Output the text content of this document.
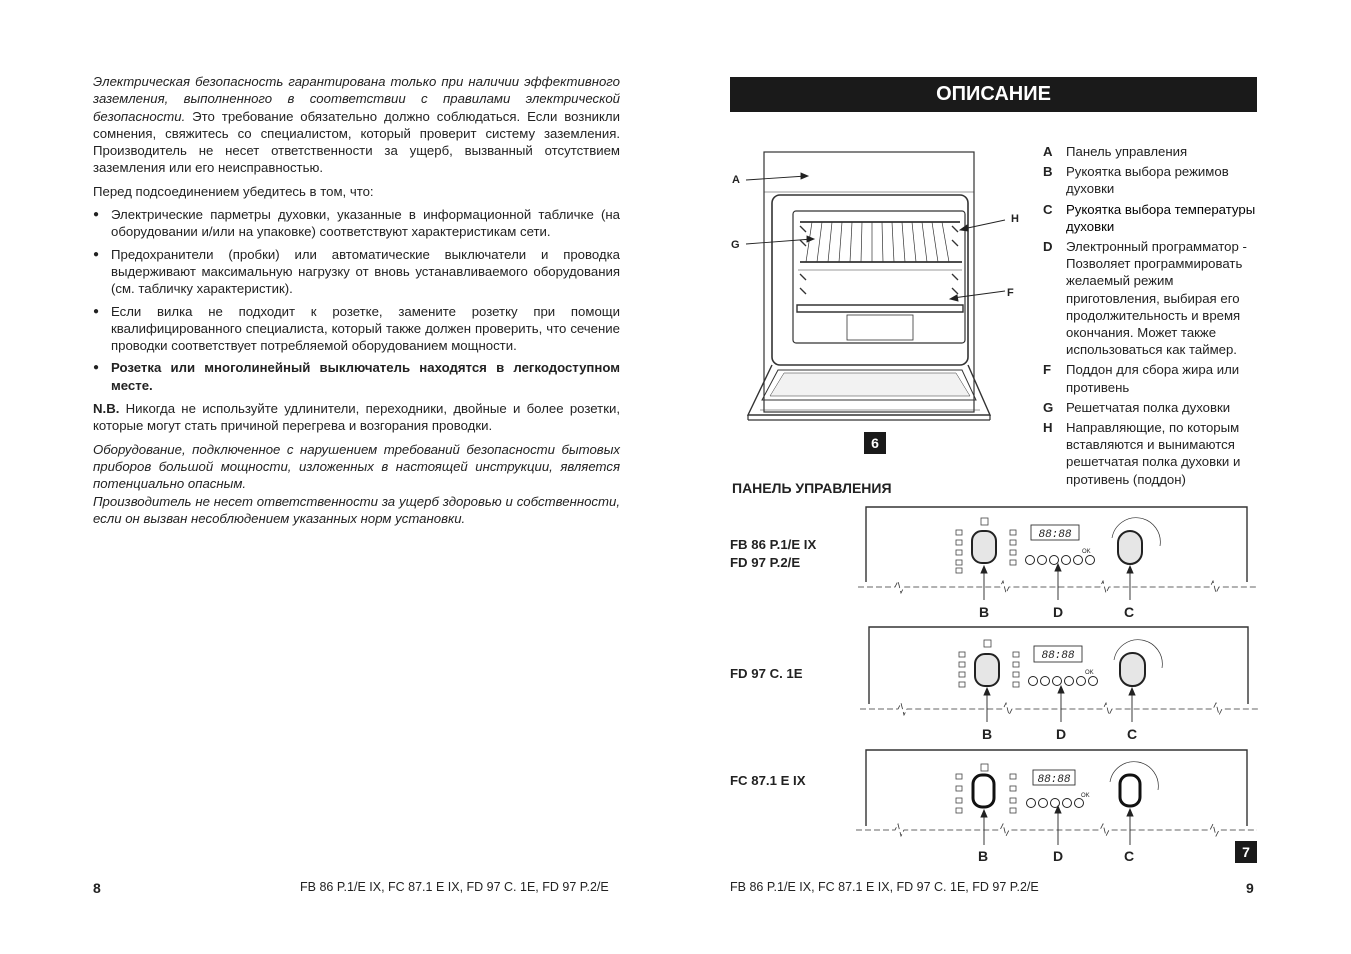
Электрическая безопасность гарантирована только при наличии эффективного заземления, выполненного в соответствии с правилами электрической безопасности. Это требование обязательно должно соблюдаться. Если возникли сомнения, свяжитесь со специалистом, который проверит систему заземления. Производитель не несет ответственности за ущерб, вызванный отсутствием заземления или его неисправностью.

Перед подсоединением убедитесь в том, что:

● Электрические парметры духовки, указанные в информационной табличке (на оборудовании и/или на упаковке) соответствуют характеристикам сети.
● Предохранители (пробки) или автоматические выключатели и проводка выдерживают максимальную нагрузку от вновь устанавливаемого оборудования (см. табличку характеристик).
● Если вилка не подходит к розетке, замените розетку при помощи квалифицированного специалиста, который также должен проверить, что сечение проводки соответствует потребляемой оборудованием мощности.
● Розетка или многолинейный выключатель находятся в легкодоступном месте.

N.B. Никогда не используйте удлинители, переходники, двойные и более розетки, которые могут стать причиной перегрева и возгорания проводки.

Оборудование, подключенное с нарушением требований безопасности бытовых приборов большой мощности, изложенных в настоящей инструкции, является потенциально опасным.

Производитель не несет ответственности за ущерб здоровью и собственности, если он вызван несоблюдением указанных норм установки.

8	FB 86 P.1/E IX, FC 87.1 E IX, FD 97 C. 1E, FD 97 P.2/E
ОПИСАНИЕ
A
G
H
F
6
A	Панель управления
B	Рукоятка выбора режимов духовки
C	Рукоятка выбора температуры духовки
D	Электронный программатор - Позволяет программировать желаемый режим приготовления, выбирая его продолжительность и время окончания. Может также использоваться как таймер.
F	Поддон для сбора жира или противень
G Решетчатая полка духовки
H	Направляющие, по которым вставляются и вынимаются решетчатая полка духовки и противень (поддон)
ПАНЕЛЬ УПРАВЛЕНИЯ
FB 86 P.1/E IX
FD 97 P.2/E
FD 97 C. 1E
FC 87.1 E IX
88:88
OK
B	D	C
88:88
OK
B	D	C
88:88
OK
B	D	C	7
FB 86 P.1/E IX, FC 87.1 E IX, FD 97 C. 1E, FD 97 P.2/E	9
